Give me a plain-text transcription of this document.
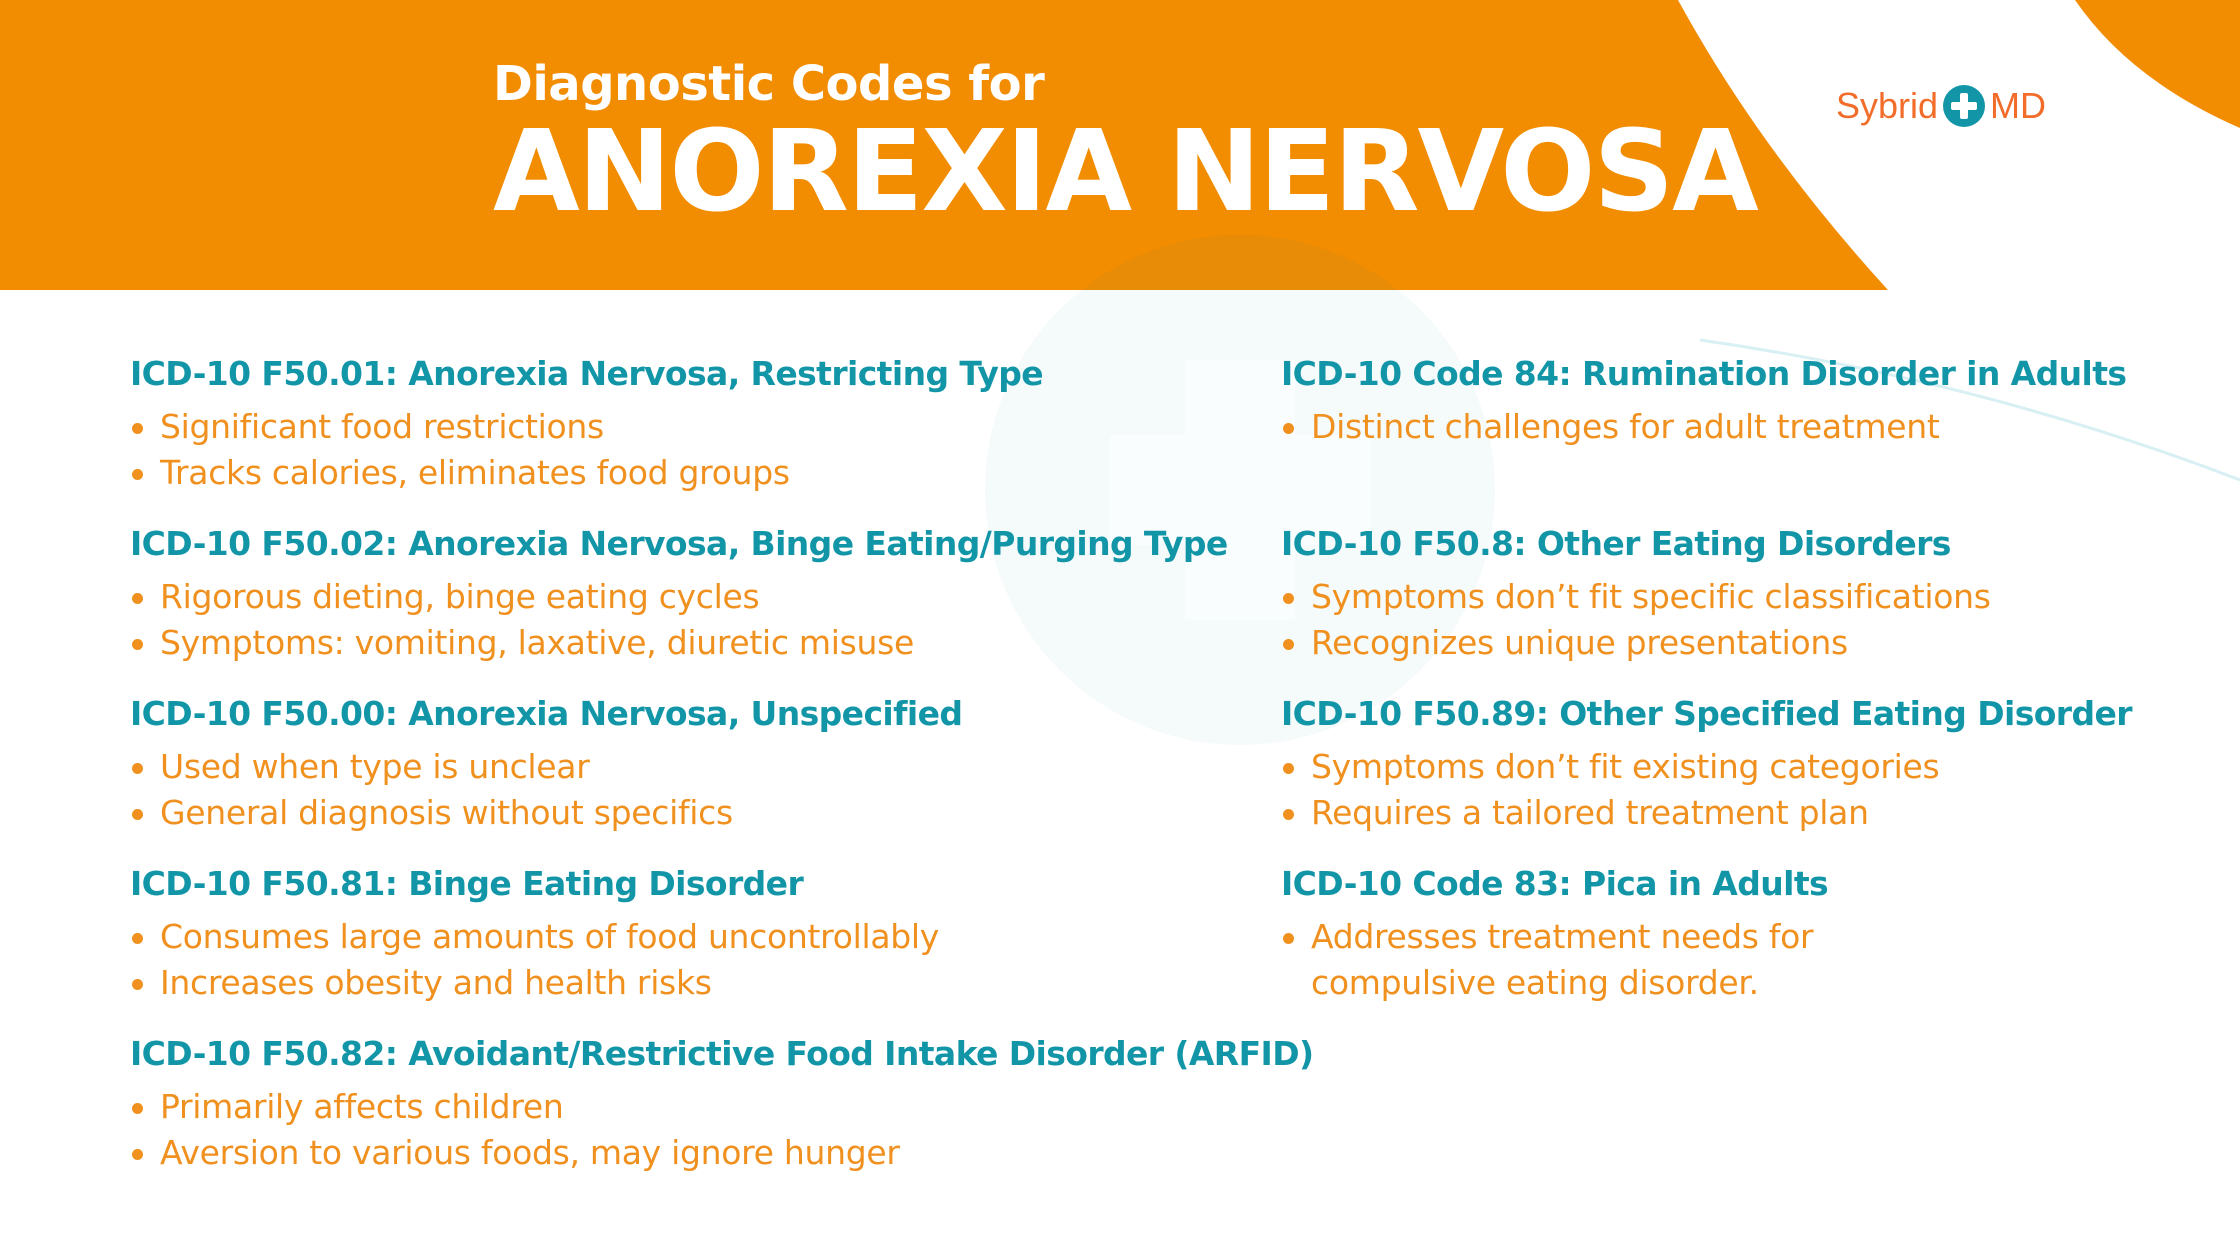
Diagnostic Codes for
ANOREXIA NERVOSA
Sybrid MD
ICD-10 F50.01: Anorexia Nervosa, Restricting Type
Significant food restrictions
Tracks calories, eliminates food groups
ICD-10 F50.02: Anorexia Nervosa, Binge Eating/Purging Type
Rigorous dieting, binge eating cycles
Symptoms: vomiting, laxative, diuretic misuse
ICD-10 F50.00: Anorexia Nervosa, Unspecified
Used when type is unclear
General diagnosis without specifics
ICD-10 F50.81: Binge Eating Disorder
Consumes large amounts of food uncontrollably
Increases obesity and health risks
ICD-10 F50.82: Avoidant/Restrictive Food Intake Disorder (ARFID)
Primarily affects children
Aversion to various foods, may ignore hunger
ICD-10 Code 84: Rumination Disorder in Adults
Distinct challenges for adult treatment
ICD-10 F50.8: Other Eating Disorders
Symptoms don’t fit specific classifications
Recognizes unique presentations
ICD-10 F50.89: Other Specified Eating Disorder
Symptoms don’t fit existing categories
Requires a tailored treatment plan
ICD-10 Code 83: Pica in Adults
Addresses treatment needs for compulsive eating disorder.
